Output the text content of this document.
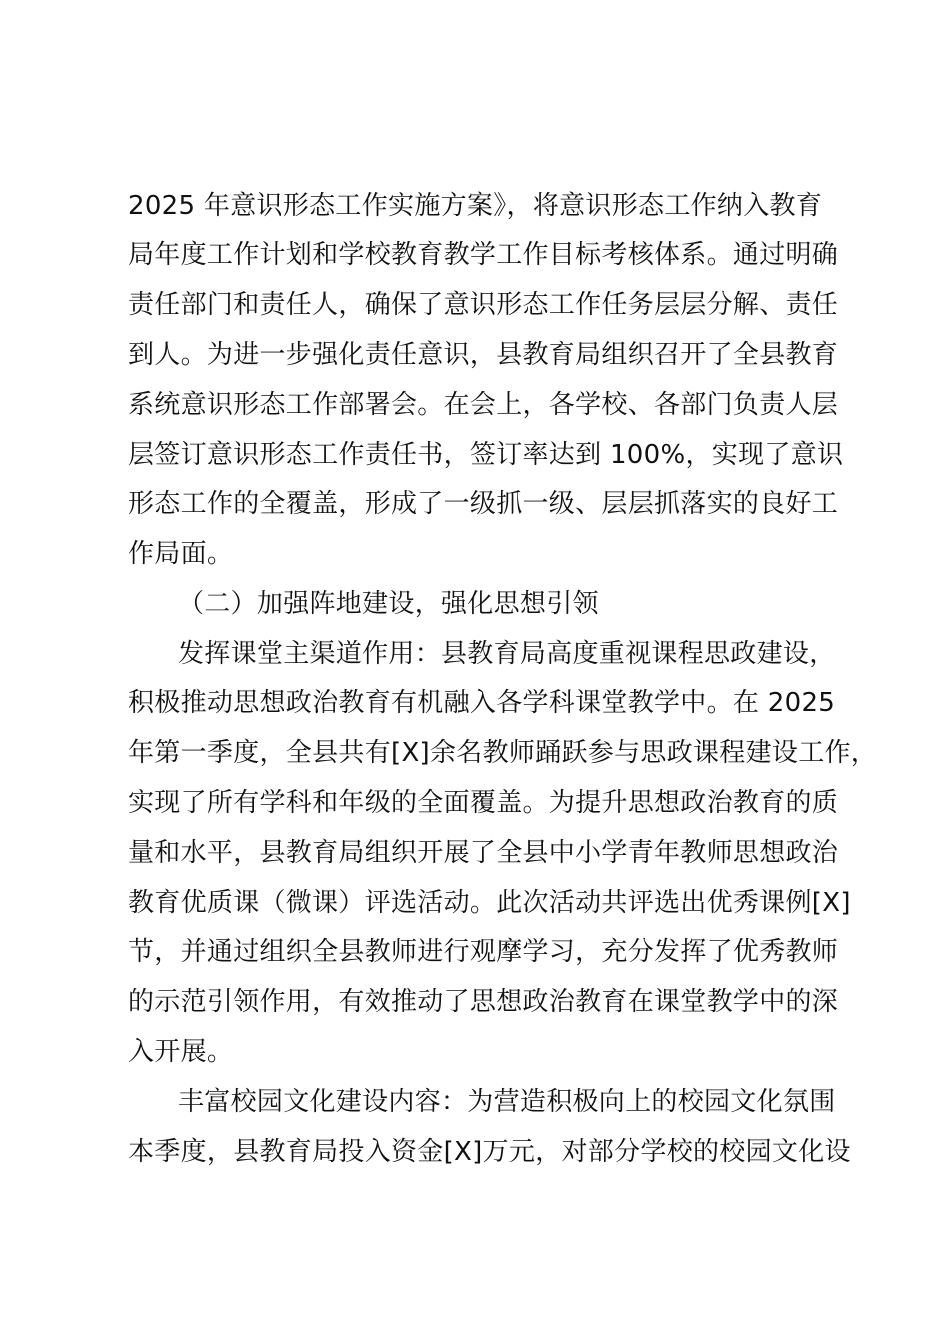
2025 年意识形态工作实施方案》，将意识形态工作纳入教育
局年度工作计划和学校教育教学工作目标考核体系。通过明确
责任部门和责任人，确保了意识形态工作任务层层分解、责任
到人。为进一步强化责任意识，县教育局组织召开了全县教育
系统意识形态工作部署会。在会上，各学校、各部门负责人层
层签订意识形态工作责任书，签订率达到 100%，实现了意识
形态工作的全覆盖，形成了一级抓一级、层层抓落实的良好工
作局面。
（二）加强阵地建设，强化思想引领
发挥课堂主渠道作用：县教育局高度重视课程思政建设，
积极推动思想政治教育有机融入各学科课堂教学中。在 2025
年第一季度，全县共有[X]余名教师踊跃参与思政课程建设工作，
实现了所有学科和年级的全面覆盖。为提升思想政治教育的质
量和水平，县教育局组织开展了全县中小学青年教师思想政治
教育优质课（微课）评选活动。此次活动共评选出优秀课例[X]
节，并通过组织全县教师进行观摩学习，充分发挥了优秀教师
的示范引领作用，有效推动了思想政治教育在课堂教学中的深
入开展。
丰富校园文化建设内容：为营造积极向上的校园文化氛围
本季度，县教育局投入资金[X]万元，对部分学校的校园文化设
